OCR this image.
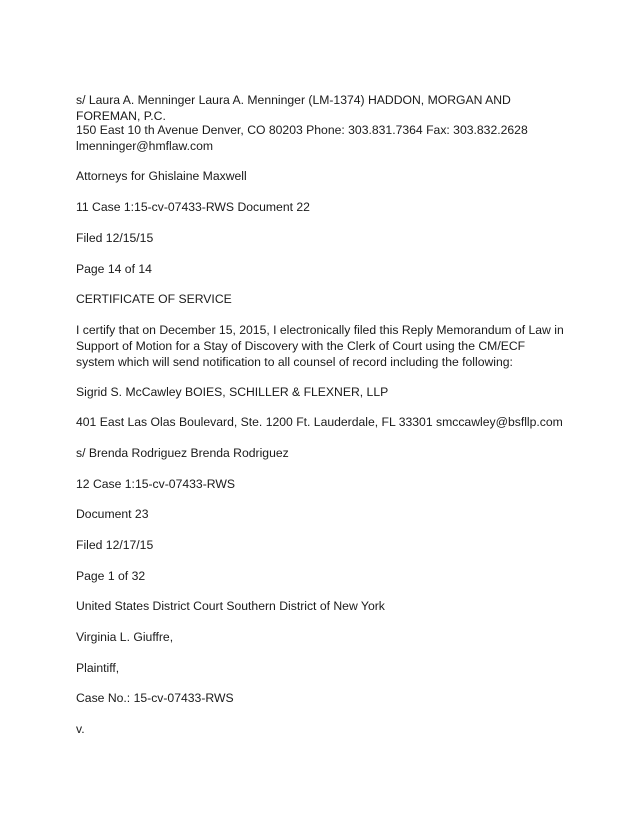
s/ Laura A. Menninger Laura A. Menninger (LM-1374) HADDON, MORGAN AND FOREMAN, P.C.

150 East 10 th Avenue Denver, CO 80203 Phone: 303.831.7364 Fax: 303.832.2628 lmenninger@hmflaw.com

Attorneys for Ghislaine Maxwell

11 Case 1:15-cv-07433-RWS Document 22

Filed 12/15/15

Page 14 of 14

CERTIFICATE OF SERVICE

I certify that on December 15, 2015, I electronically filed this Reply Memorandum of Law in Support of Motion for a Stay of Discovery with the Clerk of Court using the CM/ECF system which will send notification to all counsel of record including the following:

Sigrid S. McCawley BOIES, SCHILLER & FLEXNER, LLP

401 East Las Olas Boulevard, Ste. 1200 Ft. Lauderdale, FL 33301 smccawley@bsfllp.com

s/ Brenda Rodriguez Brenda Rodriguez

12 Case 1:15-cv-07433-RWS

Document 23

Filed 12/17/15

Page 1 of 32

United States District Court Southern District of New York

Virginia L. Giuffre,

Plaintiff,

Case No.: 15-cv-07433-RWS

v.
